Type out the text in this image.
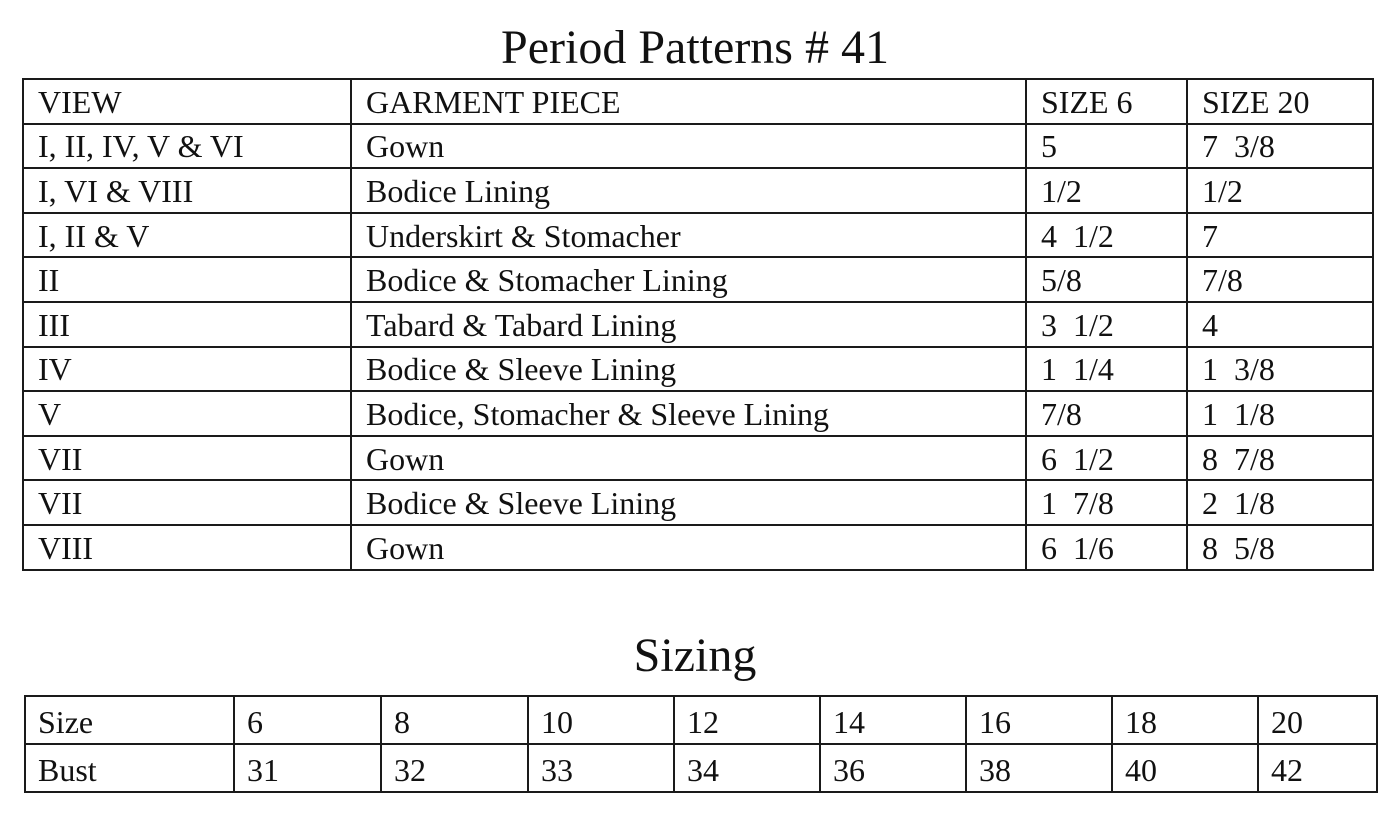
Period Patterns # 41
VIEW	GARMENT PIECE	SIZE 6	SIZE 20
I, II, IV, V & VI	Gown	5	7  3/8
I, VI & VIII	Bodice Lining	1/2	1/2
I, II & V	Underskirt & Stomacher	4  1/2	7
II	Bodice & Stomacher Lining	5/8	7/8
III	Tabard & Tabard Lining	3  1/2	4
IV	Bodice & Sleeve Lining	1  1/4	1  3/8
V	Bodice, Stomacher & Sleeve Lining	7/8	1  1/8
VII	Gown	6  1/2	8  7/8
VII	Bodice & Sleeve Lining	1  7/8	2  1/8
VIII	Gown	6  1/6	8  5/8
Sizing
Size	6	8	10	12	14	16	18	20
Bust	31	32	33	34	36	38	40	42
